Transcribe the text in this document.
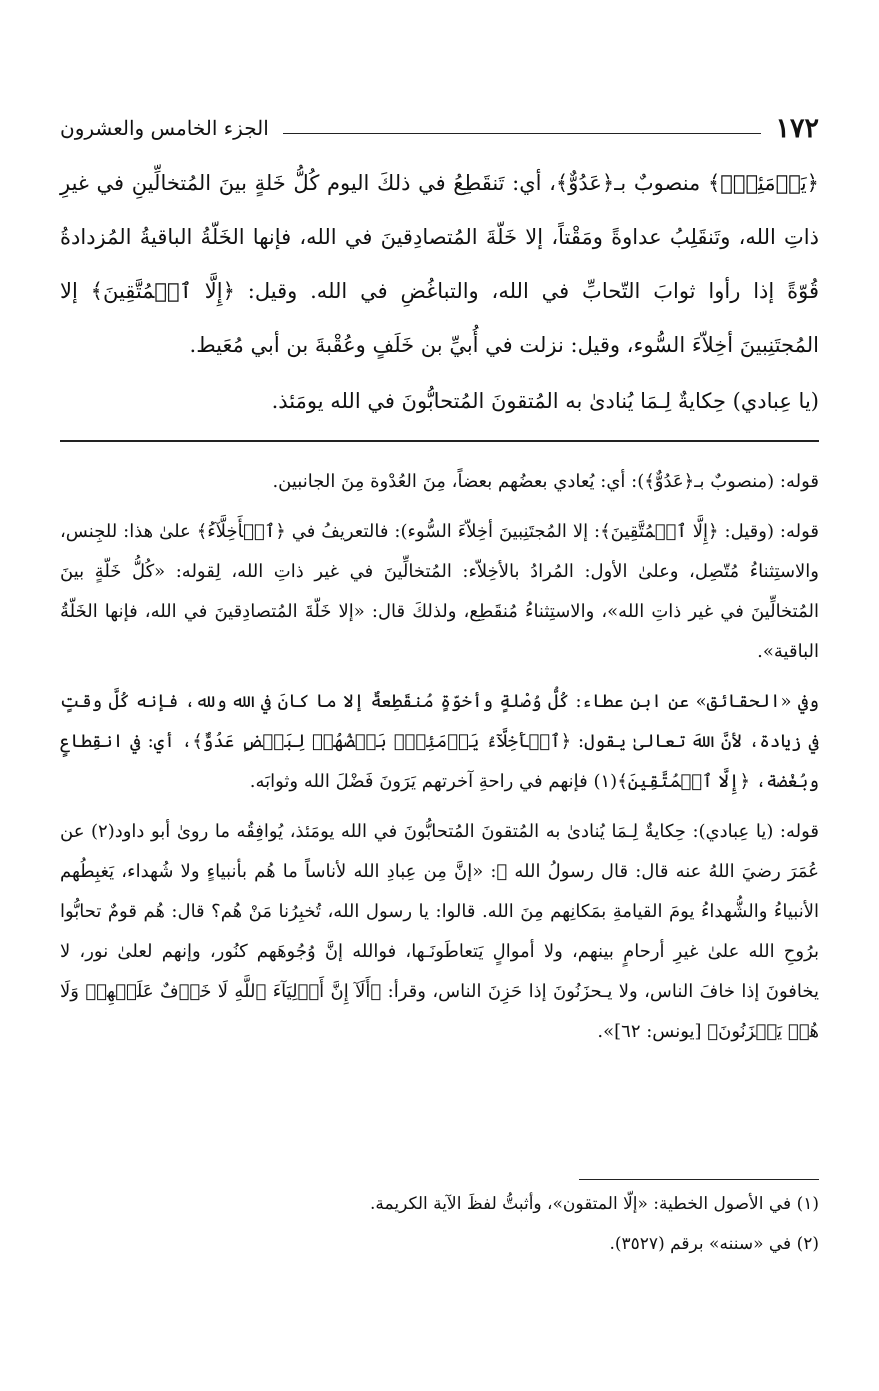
١٧٢
الجزء الخامس والعشرون

﴿يَوۡمَئِذِۭ﴾ منصوبٌ بـ﴿عَدُوٌّ﴾، أي: تَنقَطِعُ في ذلكَ اليوم كُلُّ خَلةٍ بينَ المُتخالِّينِ في غيرِ ذاتِ الله، وتَنقَلِبُ عداوةً ومَقْتاً، إلا خَلّةَ المُتصادِقينَ في الله، فإنها الخَلّةُ الباقيةُ المُزدادةُ قُوّةً إذا رأوا ثوابَ التّحابِّ في الله، والتباغُضِ في الله. وقيل: ﴿إِلَّا ٱلۡمُتَّقِينَ﴾ إلا المُجتَنِبينَ أخِلاّءَ السُّوء، وقيل: نزلت في أُبيِّ بن خَلَفٍ وعُقْبةَ بن أبي مُعَيط.

(يا عِبادي) حِكايةٌ لِـمَا يُنادىٰ به المُتقونَ المُتحابُّونَ في الله يومَئذ.

قوله: (منصوبٌ بـ﴿عَدُوٌّ﴾): أي: يُعادي بعضُهم بعضاً، مِنَ العُدْوة مِنَ الجانبين.

قوله: (وقيل: ﴿إِلَّا ٱلۡمُتَّقِينَ﴾: إلا المُجتَنِبينَ أخِلاّءَ السُّوء): فالتعريفُ في ﴿ٱلۡأَخِلَّآءُ﴾ علىٰ هذا: للجِنس، والاستِثناءُ مُتّصِل، وعلىٰ الأول: المُرادُ بالأخِلاّء: المُتخالِّينَ في غير ذاتِ الله، لِقوله: «كُلُّ خَلّةٍ بينَ المُتخالِّينَ في غير ذاتِ الله»، والاستِثناءُ مُنقَطِع، ولذلكَ قال: «إلا خَلّةَ المُتصادِقينَ في الله، فإنها الخَلّةُ الباقية».

وفي «الحقائق» عن ابنِ عطاء: كُلُّ وُصْلةٍ وأخوّةٍ مُنقَطِعةٌ إلا ما كانَ في الله ولله، فإنه كُلَّ وقتٍ في زيادة، لأنَّ اللهَ تعالىٰ يقول: ﴿ٱلۡأَخِلَّآءُ يَوۡمَئِذِۭ بَعۡضُهُمۡ لِبَعۡضٍ عَدُوٌّ﴾، أي: في انقِطاعٍ وبُغْضة، ﴿إِلَّا ٱلۡمُتَّقِينَ﴾(١) فإنهم في راحةِ آخرتهم يَرَونَ فَضْلَ الله وثوابَه.

قوله: (يا عِبادي): حِكايةٌ لِـمَا يُنادىٰ به المُتقونَ المُتحابُّونَ في الله يومَئذ، يُوافِقُه ما روىٰ أبو داود(٢) عن عُمَرَ رضيَ اللهُ عنه قال: قال رسولُ الله ﷺ: «إنَّ مِن عِبادِ الله لأناساً ما هُم بأنبياءٍ ولا شُهداء، يَغبِطُهم الأنبياءُ والشُّهداءُ يومَ القيامةِ بمَكانِهم مِنَ الله. قالوا: يا رسول الله، تُخبِرُنا مَنْ هُم؟ قال: هُم قومٌ تحابُّوا برُوحِ الله علىٰ غيرِ أرحامٍ بينهم، ولا أموالٍ يَتعاطَونَـها، فوالله إنَّ وُجُوهَهم كنُور، وإنهم لعلىٰ نور، لا يخافونَ إذا خافَ الناس، ولا يـحزَنُونَ إذا حَزِنَ الناس، وقرأ: ﴿أَلَآ إِنَّ أَوۡلِيَآءَ ٱللَّهِ لَا خَوۡفٌ عَلَيۡهِمۡ وَلَا هُمۡ يَحۡزَنُونَ﴾ [يونس: ٦٢]».

(١) في الأصول الخطية: «إلّا المتقون»، وأثبتُّ لفظَ الآية الكريمة.
(٢) في «سننه» برقم (٣٥٢٧).
